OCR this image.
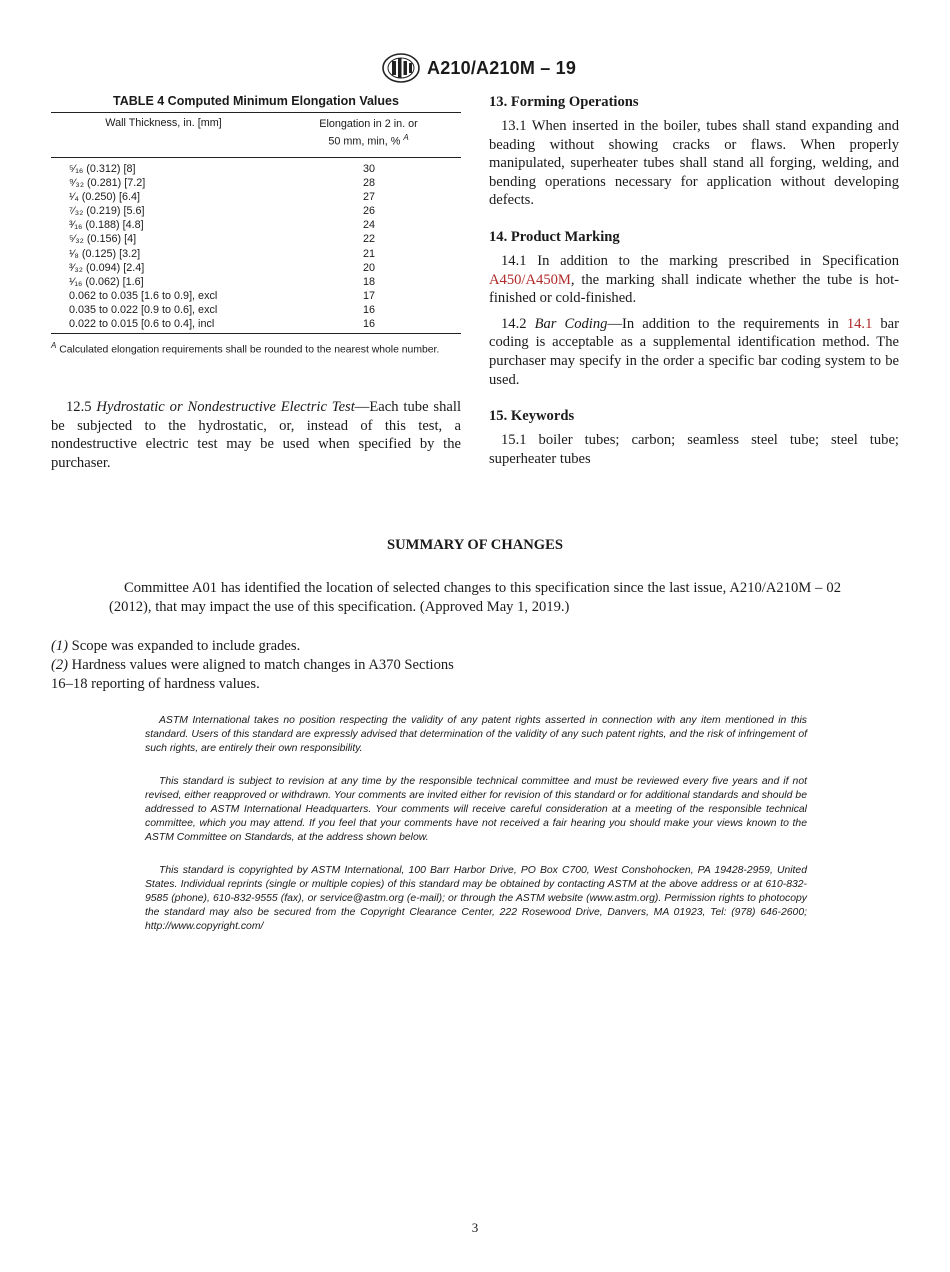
A210/A210M – 19
TABLE 4 Computed Minimum Elongation Values
Wall Thickness, in. [mm]	Elongation in 2 in. or
50 mm, min, % $^A$
⁵⁄₁₆ (0.312) [8]	30
⁹⁄₃₂ (0.281) [7.2]	28
¹⁄₄ (0.250) [6.4]	27
⁷⁄₃₂ (0.219) [5.6]	26
³⁄₁₆ (0.188) [4.8]	24
⁵⁄₃₂ (0.156) [4]	22
¹⁄₈ (0.125) [3.2]	21
³⁄₃₂ (0.094) [2.4]	20
¹⁄₁₆ (0.062) [1.6]	18
0.062 to 0.035 [1.6 to 0.9], excl	17
0.035 to 0.022 [0.9 to 0.6], excl	16
0.022 to 0.015 [0.6 to 0.4], incl	16
$^A$ Calculated elongation requirements shall be rounded to the nearest whole number.

12.5 Hydrostatic or Nondestructive Electric Test—Each tube shall be subjected to the hydrostatic, or, instead of this test, a nondestructive electric test may be used when specified by the purchaser.

13. Forming Operations

13.1 When inserted in the boiler, tubes shall stand expanding and beading without showing cracks or flaws. When properly manipulated, superheater tubes shall stand all forging, welding, and bending operations necessary for application without developing defects.

14. Product Marking

14.1 In addition to the marking prescribed in Specification A450/A450M, the marking shall indicate whether the tube is hot-finished or cold-finished.

14.2 Bar Coding—In addition to the requirements in 14.1 bar coding is acceptable as a supplemental identification method. The purchaser may specify in the order a specific bar coding system to be used.

15. Keywords

15.1 boiler tubes; carbon; seamless steel tube; steel tube; superheater tubes

SUMMARY OF CHANGES

Committee A01 has identified the location of selected changes to this specification since the last issue, A210/A210M – 02 (2012), that may impact the use of this specification. (Approved May 1, 2019.)

(1) Scope was expanded to include grades.

(2) Hardness values were aligned to match changes in A370 Sections 16–18 reporting of hardness values.

ASTM International takes no position respecting the validity of any patent rights asserted in connection with any item mentioned in this standard. Users of this standard are expressly advised that determination of the validity of any such patent rights, and the risk of infringement of such rights, are entirely their own responsibility.

This standard is subject to revision at any time by the responsible technical committee and must be reviewed every five years and if not revised, either reapproved or withdrawn. Your comments are invited either for revision of this standard or for additional standards and should be addressed to ASTM International Headquarters. Your comments will receive careful consideration at a meeting of the responsible technical committee, which you may attend. If you feel that your comments have not received a fair hearing you should make your views known to the ASTM Committee on Standards, at the address shown below.

This standard is copyrighted by ASTM International, 100 Barr Harbor Drive, PO Box C700, West Conshohocken, PA 19428-2959, United States. Individual reprints (single or multiple copies) of this standard may be obtained by contacting ASTM at the above address or at 610-832-9585 (phone), 610-832-9555 (fax), or service@astm.org (e-mail); or through the ASTM website (www.astm.org). Permission rights to photocopy the standard may also be secured from the Copyright Clearance Center, 222 Rosewood Drive, Danvers, MA 01923, Tel: (978) 646-2600; http://www.copyright.com/

3
